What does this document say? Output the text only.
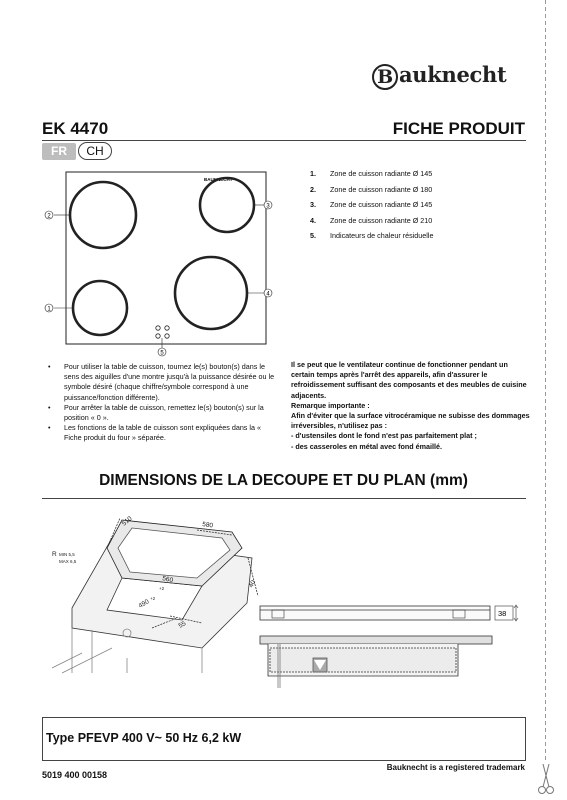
B auknecht
EK 4470	FICHE PRODUIT
FR	CH
BAUKNECHT
2
3
1
4
5
1. Zone de cuisson radiante Ø 145
2. Zone de cuisson radiante Ø 180
3. Zone de cuisson radiante Ø 145
4. Zone de cuisson radiante Ø 210
5. Indicateurs de chaleur résiduelle
•	Pour utiliser la table de cuisson, tournez le(s) bouton(s) dans le sens des aiguilles d'une montre jusqu'à la puissance désirée ou le symbole désiré (chaque chiffre/symbole correspond à une puissance/fonction différente).
•	Pour arrêter la table de cuisson, remettez le(s) bouton(s) sur la position « 0 ».
•	Les fonctions de la table de cuisson sont expliquées dans la « Fiche produit du four » séparée.
Il se peut que le ventilateur continue de fonctionner pendant un certain temps après l'arrêt des appareils, afin d'assurer le refroidissement suffisant des composants et des meubles de cuisine adjacents.
Remarque importante :
Afin d'éviter que la surface vitrocéramique ne subisse des dommages irréversibles, n'utilisez pas :
- d'ustensiles dont le fond n'est pas parfaitement plat ;
- des casseroles en métal avec fond émaillé.
DIMENSIONS DE LA DECOUPE ET DU PLAN (mm)
510	580
R MIN 5,5
MAX 6,5
560
+2
490 +2
55
40
38
Type PFEVP 400 V~ 50 Hz 6,2 kW
Bauknecht is a registered trademark
5019 400 00158
